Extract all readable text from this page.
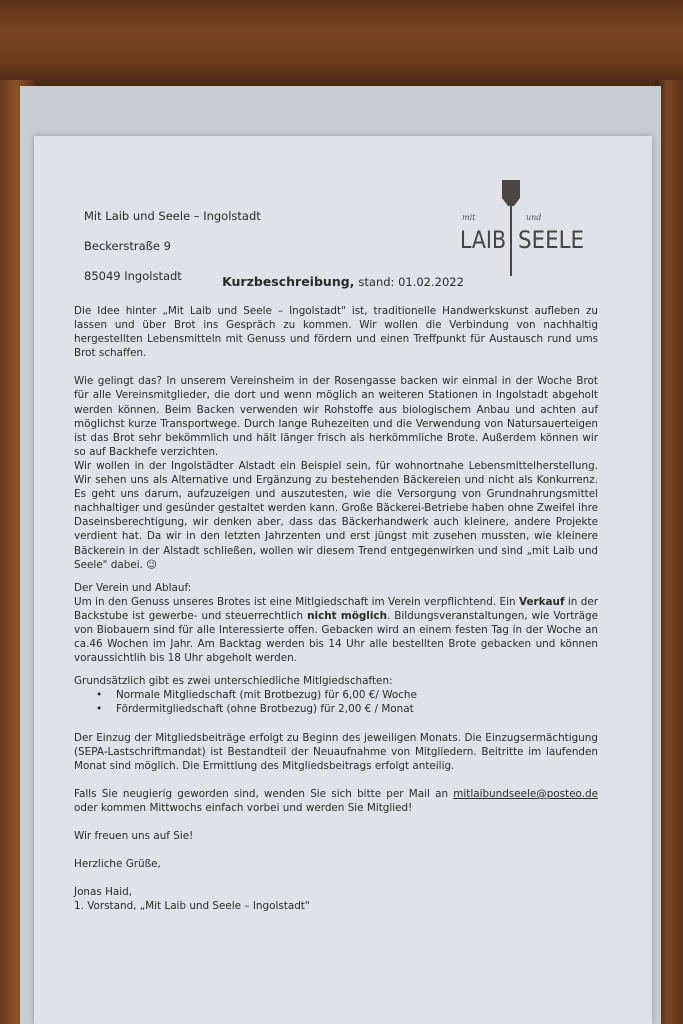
Mit Laib und Seele – Ingolstadt

Beckerstraße 9

85049 Ingolstadt

mit	und
LAIB SEELE
Kurzbeschreibung, stand: 01.02.2022

Die Idee hinter „Mit Laib und Seele – Ingolstadt" ist, traditionelle Handwerkskunst aufleben zu lassen und über Brot ins Gespräch zu kommen. Wir wollen die Verbindung von nachhaltig hergestellten Lebensmitteln mit Genuss und fördern und einen Treffpunkt für Austausch rund ums Brot schaffen.

Wie gelingt das? In unserem Vereinsheim in der Rosengasse backen wir einmal in der Woche Brot für alle Vereinsmitglieder, die dort und wenn möglich an weiteren Stationen in Ingolstadt abgeholt werden können. Beim Backen verwenden wir Rohstoffe aus biologischem Anbau und achten auf möglichst kurze Transportwege. Durch lange Ruhezeiten und die Verwendung von Natursauerteigen ist das Brot sehr bekömmlich und hält länger frisch als herkömmliche Brote. Außerdem können wir so auf Backhefe verzichten.

Wir wollen in der Ingolstädter Alstadt ein Beispiel sein, für wohnortnahe Lebensmittelherstellung. Wir sehen uns als Alternative und Ergänzung zu bestehenden Bäckereien und nicht als Konkurrenz. Es geht uns darum, aufzuzeigen und auszutesten, wie die Versorgung von Grundnahrungsmittel nachhaltiger und gesünder gestaltet werden kann. Große Bäckerei-Betriebe haben ohne Zweifel ihre Daseinsberechtigung, wir denken aber, dass das Bäckerhandwerk auch kleinere, andere Projekte verdient hat. Da wir in den letzten Jahrzenten und erst jüngst mit zusehen mussten, wie kleinere Bäckerein in der Alstadt schließen, wollen wir diesem Trend entgegenwirken und sind „mit Laib und Seele" dabei. ☺

Der Verein und Ablauf:

Um in den Genuss unseres Brotes ist eine Mitlgiedschaft im Verein verpflichtend. Ein Verkauf in der Backstube ist gewerbe- und steuerrechtlich nicht möglich. Bildungsveranstaltungen, wie Vorträge von Biobauern sind für alle Interessierte offen. Gebacken wird an einem festen Tag in der Woche an ca.46 Wochen im Jahr. Am Backtag werden bis 14 Uhr alle bestellten Brote gebacken und können voraussichtlih bis 18 Uhr abgeholt werden.

Grundsätzlich gibt es zwei unterschiedliche Mitlgiedschaften:

• Normale Mitgliedschaft (mit Brotbezug) für 6,00 €/ Woche
• Fördermitgliedschaft (ohne Brotbezug) für 2,00 € / Monat

Der Einzug der Mitgliedsbeiträge erfolgt zu Beginn des jeweiligen Monats. Die Einzugsermächtigung (SEPA-Lastschriftmandat) ist Bestandteil der Neuaufnahme von Mitgliedern. Beitritte im laufenden Monat sind möglich. Die Ermittlung des Mitgliedsbeitrags erfolgt anteilig.

Falls Sie neugierig geworden sind, wenden Sie sich bitte per Mail an mitlaibundseele@posteo.de oder kommen Mittwochs einfach vorbei und werden Sie Mitglied!

Wir freuen uns auf Sie!

Herzliche Grüße,

Jonas Haid,

1. Vorstand, „Mit Laib und Seele – Ingolstadt"
